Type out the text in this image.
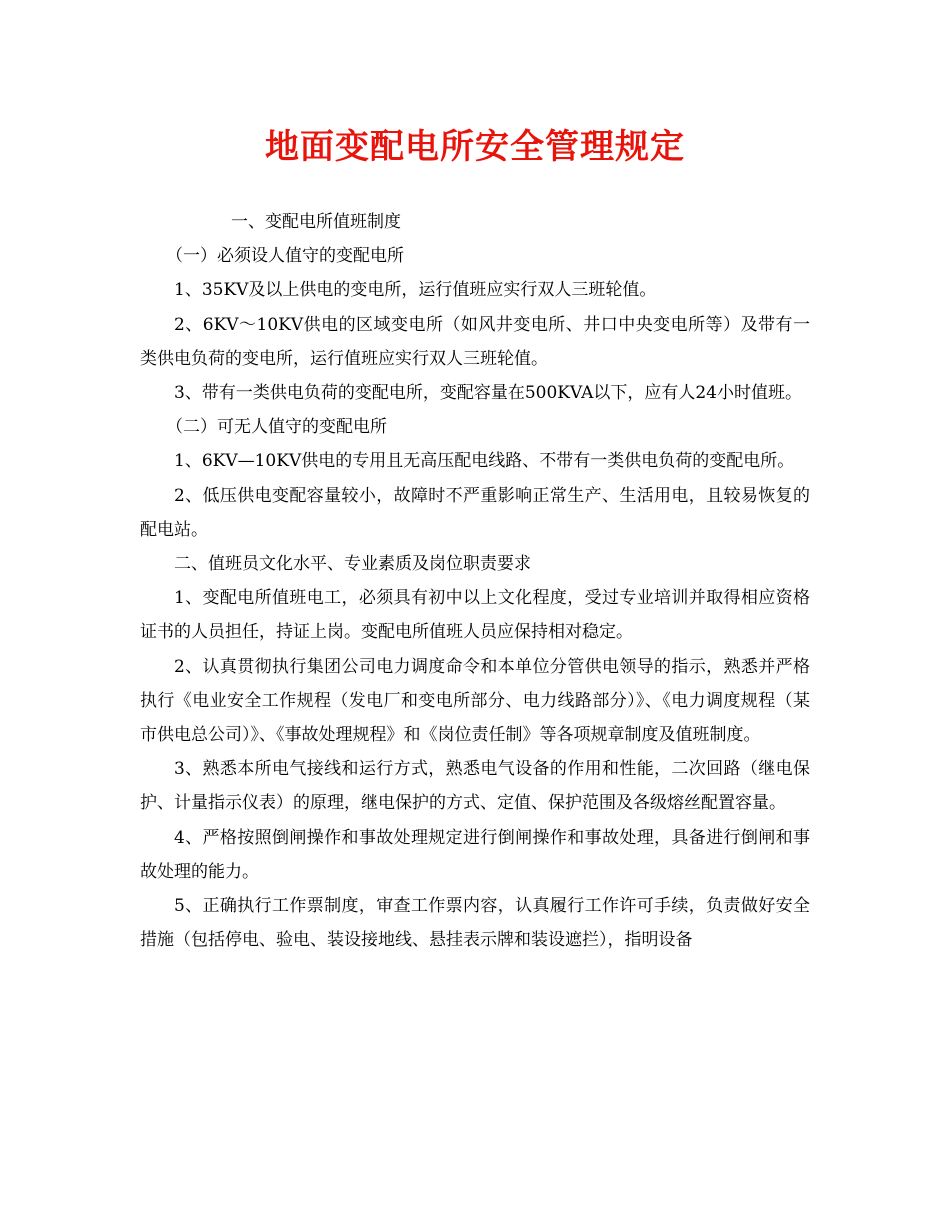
地面变配电所安全管理规定

一、变配电所值班制度

（一）必须设人值守的变配电所

1、35KV及以上供电的变电所，运行值班应实行双人三班轮值。

2、6KV～10KV供电的区域变电所（如风井变电所、井口中央变电所等）及带有一类供电负荷的变电所，运行值班应实行双人三班轮值。

3、带有一类供电负荷的变配电所，变配容量在500KVA以下，应有人24小时值班。

（二）可无人值守的变配电所

1、6KV—10KV供电的专用且无高压配电线路、不带有一类供电负荷的变配电所。

2、低压供电变配容量较小，故障时不严重影响正常生产、生活用电，且较易恢复的配电站。

二、值班员文化水平、专业素质及岗位职责要求

1、变配电所值班电工，必须具有初中以上文化程度，受过专业培训并取得相应资格证书的人员担任，持证上岗。变配电所值班人员应保持相对稳定。

2、认真贯彻执行集团公司电力调度命令和本单位分管供电领导的指示，熟悉并严格执行《电业安全工作规程（发电厂和变电所部分、电力线路部分）》、《电力调度规程（某市供电总公司）》、《事故处理规程》和《岗位责任制》等各项规章制度及值班制度。

3、熟悉本所电气接线和运行方式，熟悉电气设备的作用和性能，二次回路（继电保护、计量指示仪表）的原理，继电保护的方式、定值、保护范围及各级熔丝配置容量。

4、严格按照倒闸操作和事故处理规定进行倒闸操作和事故处理，具备进行倒闸和事故处理的能力。

5、正确执行工作票制度，审查工作票内容，认真履行工作许可手续，负责做好安全措施（包括停电、验电、装设接地线、悬挂表示牌和装设遮拦），指明设备
